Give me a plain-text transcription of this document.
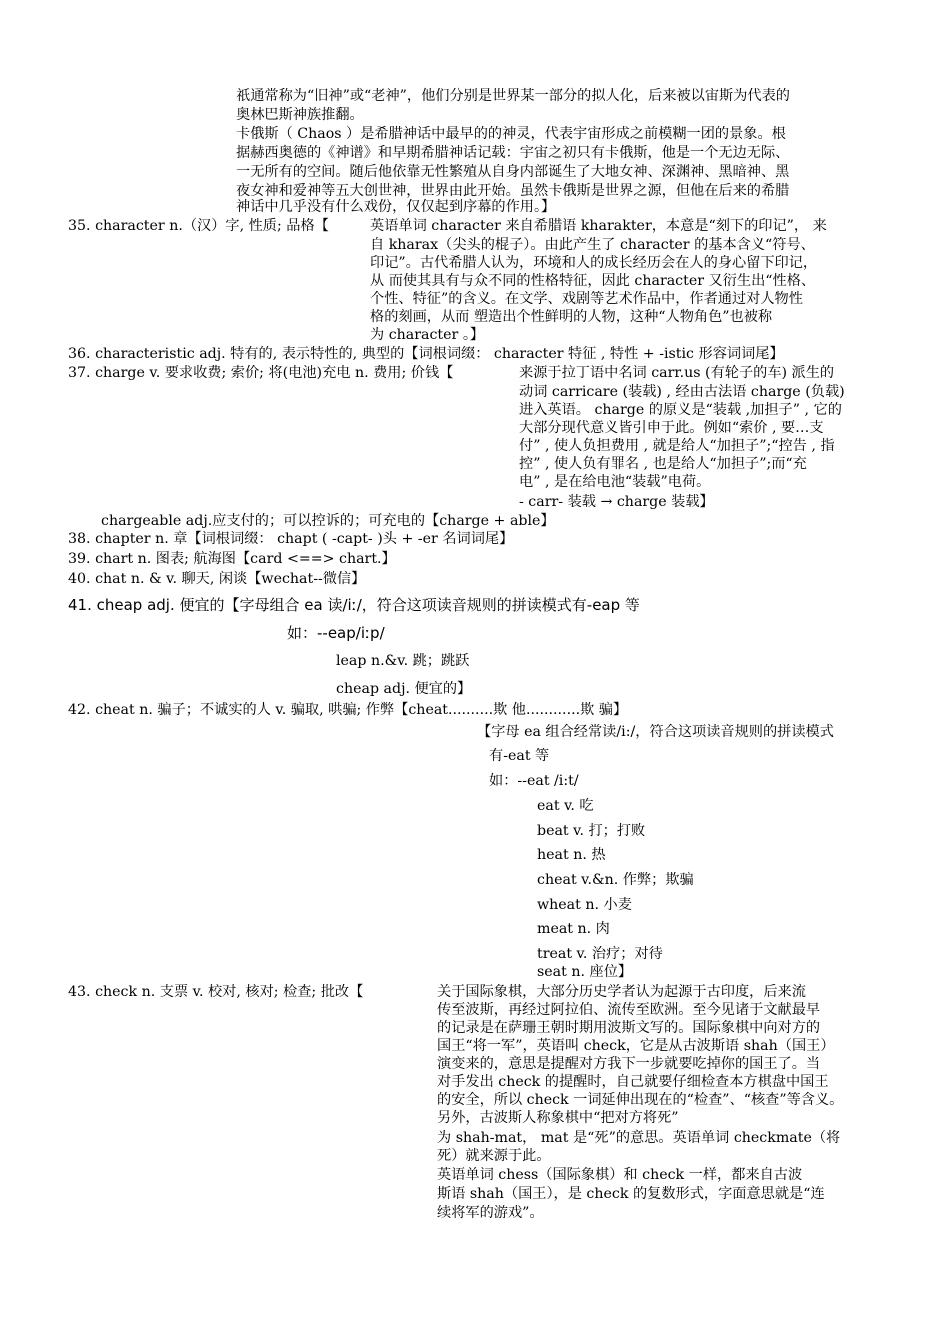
祇通常称为“旧神”或“老神”，他们分别是世界某一部分的拟人化，后来被以宙斯为代表的
奥林巴斯神族推翻。
卡俄斯（ Chaos ）是希腊神话中最早的的神灵，代表宇宙形成之前模糊一团的景象。根
据赫西奥德的《神谱》和早期希腊神话记载：宇宙之初只有卡俄斯，他是一个无边无际、
一无所有的空间。随后他依靠无性繁殖从自身内部诞生了大地女神、深渊神、黑暗神、黑
夜女神和爱神等五大创世神，世界由此开始。虽然卡俄斯是世界之源，但他在后来的希腊
神话中几乎没有什么戏份，仅仅起到序幕的作用。】
35. character n.（汉）字, 性质; 品格【	英语单词 character 来自希腊语 kharakter，本意是“刻下的印记”， 来
自 kharax（尖头的棍子）。由此产生了 character 的基本含义“符号、
印记”。古代希腊人认为，环境和人的成长经历会在人的身心留下印记，
从 而使其具有与众不同的性格特征，因此 character 又衍生出“性格、
个性、特征”的含义。在文学、戏剧等艺术作品中，作者通过对人物性
格的刻画，从而 塑造出个性鲜明的人物，这种“人物角色”也被称
为 character 。】
36. characteristic adj. 特有的, 表示特性的, 典型的【词根词缀： character 特征 , 特性 + -istic 形容词词尾】
37. charge v. 要求收费; 索价; 将(电池)充电 n. 费用; 价钱【	来源于拉丁语中名词 carr.us (有轮子的车) 派生的
动词 carricare (装载) , 经由古法语 charge (负载)
进入英语。 charge 的原义是“装载 ,加担子” , 它的
大部分现代意义皆引申于此。例如“索价 , 要…支
付” , 使人负担费用 , 就是给人“加担子”;“控告 , 指
控” , 使人负有罪名 , 也是给人“加担子”;而“充
电” , 是在给电池“装载”电荷。
- carr- 装载 → charge 装载】
chargeable adj.应支付的；可以控诉的；可充电的【charge + able】
38. chapter n. 章【词根词缀： chapt ( -capt- )头 + -er 名词词尾】
39. chart n. 图表; 航海图【card <==> chart.】
40. chat n. & v. 聊天, 闲谈【wechat--微信】
41. cheap adj. 便宜的【字母组合 ea 读/iː/，符合这项读音规则的拼读模式有-eap 等
如：--eap/iːp/
leap n.&v. 跳；跳跃
cheap adj. 便宜的】
42. cheat n. 骗子；不诚实的人 v. 骗取, 哄骗; 作弊【cheat..........欺 他............欺 骗】
【字母 ea 组合经常读/i:/，符合这项读音规则的拼读模式
有-eat 等
如：--eat /i:t/
eat v. 吃
beat v. 打；打败
heat n. 热
cheat v.&n. 作弊；欺骗
wheat n. 小麦
meat n. 肉
treat v. 治疗；对待
seat n. 座位】
43. check n. 支票 v. 校对, 核对; 检查; 批改【	关于国际象棋，大部分历史学者认为起源于古印度，后来流
传至波斯，再经过阿拉伯、流传至欧洲。至今见诸于文献最早
的记录是在萨珊王朝时期用波斯文写的。国际象棋中向对方的
国王“将一军”，英语叫 check，它是从古波斯语 shah（国王）
演变来的，意思是提醒对方我下一步就要吃掉你的国王了。当
对手发出 check 的提醒时，自己就要仔细检查本方棋盘中国王
的安全，所以 check 一词延伸出现在的“检查”、“核查”等含义。
另外，古波斯人称象棋中“把对方将死”
为 shah-mat， mat 是“死”的意思。英语单词 checkmate（将
死）就来源于此。
英语单词 chess（国际象棋）和 check 一样，都来自古波
斯语 shah（国王），是 check 的复数形式，字面意思就是“连
续将军的游戏”。
